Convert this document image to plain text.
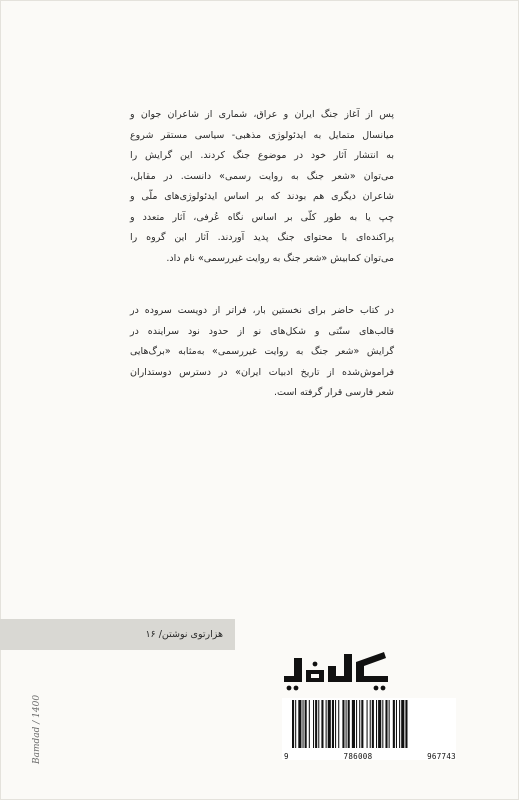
پس از آغاز جنگ ایران و عراق، شماری از شاعران جوان و
میانسال متمایل به ایدئولوژی مذهبی- سیاسی مستقر شروع
به انتشار آثار خود در موضوع جنگ کردند. این گرایش را
می‌توان «شعر جنگ به روایت رسمی» دانست. در مقابل،
شاعران دیگری هم بودند که بر اساس ایدئولوژی‌های ملّی و
چپ یا به طور کلّی بر اساس نگاه عُرفی، آثار متعدد و
پراکنده‌ای با محتوای جنگ پدید آوردند. آثار این گروه را
می‌توان کمابیش «شعر جنگ به روایت غیررسمی» نام داد.
در کتاب حاضر برای نخستین بار، فراتر از دویست سروده در
قالب‌های سنّتی و شکل‌های نو از حدود نود سراینده در
گرایش «شعر جنگ به روایت غیررسمی» به‌مثابه «برگ‌هایی
فراموش‌شده از تاریخ ادبیات ایران» در دسترس دوستداران
شعر فارسی قرار گرفته است.
هزارتوی نوشتن/ ۱۶
Bamdad / 1400	9	786008	967743
